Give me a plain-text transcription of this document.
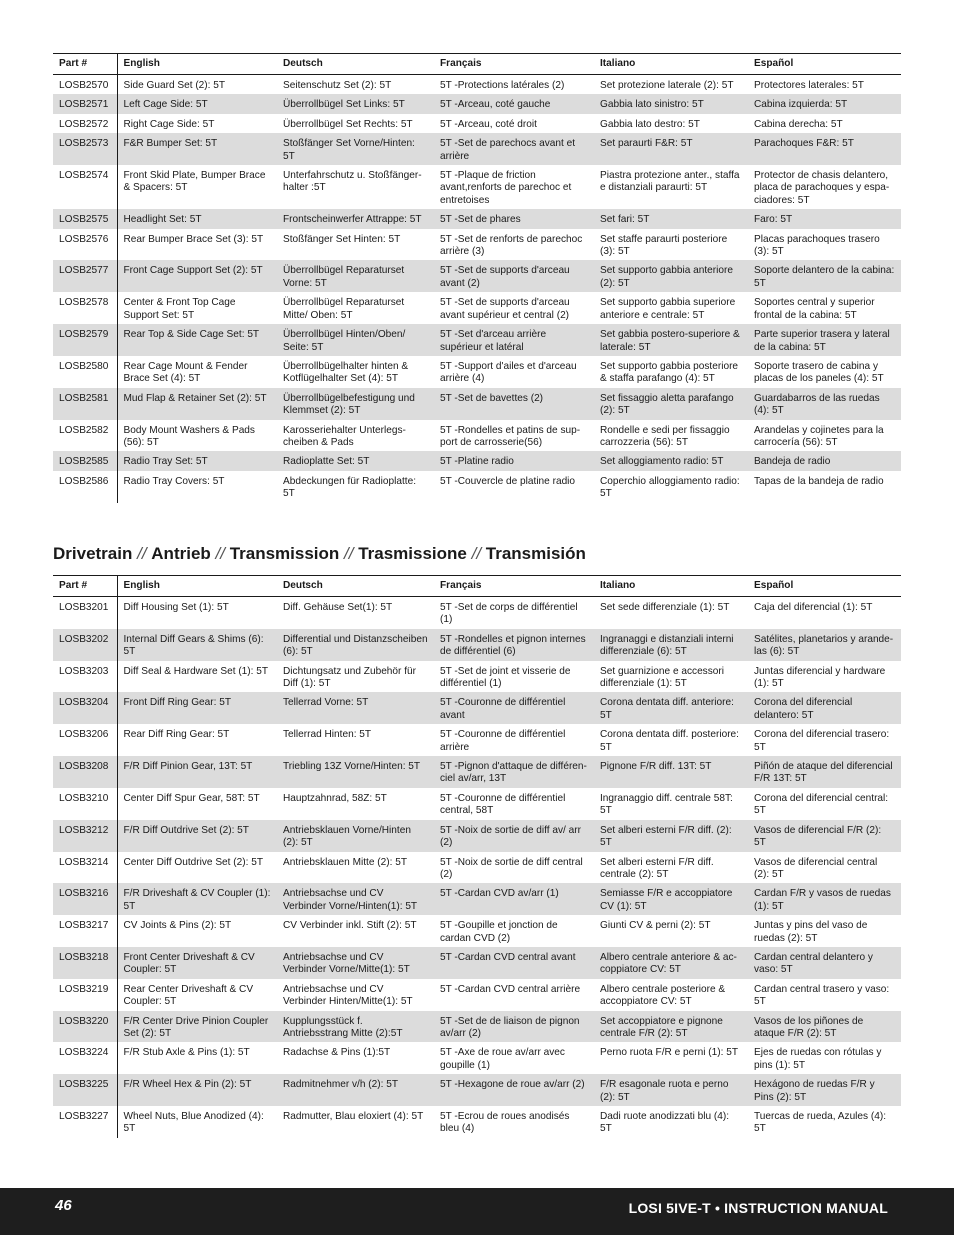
Part #	English	Deutsch	Français	Italiano	Español
LOSB2570	Side Guard Set (2): 5T	Seitenschutz Set (2): 5T	5T -Protections latérales (2)	Set protezione laterale (2): 5T	Protectores laterales: 5T
LOSB2571	Left Cage Side: 5T	Überrollbügel Set Links: 5T	5T -Arceau, coté gauche	Gabbia lato sinistro: 5T	Cabina izquierda: 5T
LOSB2572	Right Cage Side: 5T	Überrollbügel Set Rechts: 5T	5T -Arceau, coté droit	Gabbia lato destro: 5T	Cabina derecha: 5T
LOSB2573	F&R Bumper Set: 5T	Stoßfänger Set Vorne/Hinten: 5T	5T -Set de parechocs avant et arrière	Set paraurti F&R: 5T	Parachoques F&R: 5T
LOSB2574	Front Skid Plate, Bumper Brace & Spacers: 5T	Unterfahrschutz u. Stoßfänger-halter :5T	5T -Plaque de friction avant,renforts de parechoc et entretoises	Piastra protezione anter., staffa e distanziali paraurti: 5T	Protector de chasis delantero, placa de parachoques y espa-ciadores: 5T
LOSB2575	Headlight Set: 5T	Frontscheinwerfer Attrappe: 5T	5T -Set de phares	Set fari: 5T	Faro: 5T
LOSB2576	Rear Bumper Brace Set (3): 5T	Stoßfänger Set Hinten: 5T	5T -Set de renforts de parechoc arrière (3)	Set staffe paraurti posteriore (3): 5T	Placas parachoques trasero (3): 5T
LOSB2577	Front Cage Support Set (2): 5T	Überrollbügel Reparaturset Vorne: 5T	5T -Set de supports d'arceau avant (2)	Set supporto gabbia anteriore (2): 5T	Soporte delantero de la cabina: 5T
LOSB2578	Center & Front Top Cage Support Set: 5T	Überrollbügel Reparaturset Mitte/ Oben: 5T	5T -Set de supports d'arceau avant supérieur et central (2)	Set supporto gabbia superiore anteriore e centrale: 5T	Soportes central y superior frontal de la cabina: 5T
LOSB2579	Rear Top & Side Cage Set: 5T	Überrollbügel Hinten/Oben/ Seite: 5T	5T -Set d'arceau arrière supérieur et latéral	Set gabbia postero-superiore & laterale: 5T	Parte superior trasera y lateral de la cabina: 5T
LOSB2580	Rear Cage Mount & Fender Brace Set (4): 5T	Überrollbügelhalter hinten & Kotflügelhalter Set (4): 5T	5T -Support d'ailes et d'arceau arrière (4)	Set supporto gabbia posteriore & staffa parafango (4): 5T	Soporte trasero de cabina y placas de los paneles (4): 5T
LOSB2581	Mud Flap & Retainer Set (2): 5T	Überrollbügelbefestigung und Klemmset (2): 5T	5T -Set de bavettes (2)	Set fissaggio aletta parafango (2): 5T	Guardabarros de las ruedas (4): 5T
LOSB2582	Body Mount Washers & Pads (56): 5T	Karosseriehalter Unterlegs-cheiben & Pads	5T -Rondelles et patins de sup-port de carrosserie(56)	Rondelle e sedi per fissaggio carrozzeria (56): 5T	Arandelas y cojinetes para la carrocería (56): 5T
LOSB2585	Radio Tray Set: 5T	Radioplatte Set: 5T	5T -Platine radio	Set alloggiamento radio: 5T	Bandeja de radio
LOSB2586	Radio Tray Covers: 5T	Abdeckungen für Radioplatte: 5T	5T -Couvercle de platine radio	Coperchio alloggiamento radio: 5T	Tapas de la bandeja de radio
Drivetrain // Antrieb // Transmission // Trasmissione // Transmisión
Part #	English	Deutsch	Français	Italiano	Español
LOSB3201	Diff Housing Set (1): 5T	Diff. Gehäuse Set(1): 5T	5T -Set de corps de différentiel (1)	Set sede differenziale (1): 5T	Caja del diferencial (1): 5T
LOSB3202	Internal Diff Gears & Shims (6): 5T	Differential und Distanzscheiben (6): 5T	5T -Rondelles et pignon internes de différentiel (6)	Ingranaggi e distanziali interni differenziale (6): 5T	Satélites, planetarios y arande-las (6): 5T
LOSB3203	Diff Seal & Hardware Set (1): 5T	Dichtungsatz und Zubehör für Diff (1): 5T	5T -Set de joint et visserie de différentiel (1)	Set guarnizione e accessori differenziale (1): 5T	Juntas diferencial y hardware (1): 5T
LOSB3204	Front Diff Ring Gear: 5T	Tellerrad Vorne: 5T	5T -Couronne de différentiel avant	Corona dentata diff. anteriore: 5T	Corona del diferencial delantero: 5T
LOSB3206	Rear Diff Ring Gear: 5T	Tellerrad Hinten: 5T	5T -Couronne de différentiel arrière	Corona dentata diff. posteriore: 5T	Corona del diferencial trasero: 5T
LOSB3208	F/R Diff Pinion Gear, 13T: 5T	Triebling 13Z Vorne/Hinten: 5T	5T -Pignon d'attaque de différen-ciel av/arr, 13T	Pignone F/R diff. 13T: 5T	Piñón de ataque del diferencial F/R 13T: 5T
LOSB3210	Center Diff Spur Gear, 58T: 5T	Hauptzahnrad, 58Z: 5T	5T -Couronne de différentiel central, 58T	Ingranaggio diff. centrale 58T: 5T	Corona del diferencial central: 5T
LOSB3212	F/R Diff Outdrive Set (2): 5T	Antriebsklauen Vorne/Hinten (2): 5T	5T -Noix de sortie de diff av/ arr (2)	Set alberi esterni F/R diff. (2): 5T	Vasos de diferencial F/R (2): 5T
LOSB3214	Center Diff Outdrive Set (2): 5T	Antriebsklauen Mitte (2): 5T	5T -Noix de sortie de diff central (2)	Set alberi esterni F/R diff. centrale (2): 5T	Vasos de diferencial central (2): 5T
LOSB3216	F/R Driveshaft & CV Coupler (1): 5T	Antriebsachse und CV Verbinder Vorne/Hinten(1): 5T	5T -Cardan CVD av/arr (1)	Semiasse F/R e accoppiatore CV (1): 5T	Cardan F/R y vasos de ruedas (1): 5T
LOSB3217	CV Joints & Pins (2): 5T	CV Verbinder inkl. Stift (2): 5T	5T -Goupille et jonction de cardan CVD (2)	Giunti CV & perni (2): 5T	Juntas y pins del vaso de ruedas (2): 5T
LOSB3218	Front Center Driveshaft & CV Coupler: 5T	Antriebsachse und CV Verbinder Vorne/Mitte(1): 5T	5T -Cardan CVD central avant	Albero centrale anteriore & ac-coppiatore CV: 5T	Cardan central delantero y vaso: 5T
LOSB3219	Rear Center Driveshaft & CV Coupler: 5T	Antriebsachse und CV Verbinder Hinten/Mitte(1): 5T	5T -Cardan CVD central arrière	Albero centrale posteriore & accoppiatore CV: 5T	Cardan central trasero y vaso: 5T
LOSB3220	F/R Center Drive Pinion Coupler Set (2): 5T	Kupplungsstück f. Antriebsstrang Mitte (2):5T	5T -Set de de liaison de pignon av/arr (2)	Set accoppiatore e pignone centrale F/R (2): 5T	Vasos de los piñones de ataque F/R (2): 5T
LOSB3224	F/R Stub Axle & Pins (1): 5T	Radachse & Pins (1):5T	5T -Axe de roue av/arr avec goupille (1)	Perno ruota F/R e perni (1): 5T	Ejes de ruedas con rótulas y pins (1): 5T
LOSB3225	F/R Wheel Hex & Pin (2): 5T	Radmitnehmer v/h (2): 5T	5T -Hexagone de roue av/arr (2)	F/R esagonale ruota e perno (2): 5T	Hexágono de ruedas F/R y Pins (2): 5T
LOSB3227	Wheel Nuts, Blue Anodized (4): 5T	Radmutter, Blau eloxiert (4): 5T	5T -Ecrou de roues anodisés bleu (4)	Dadi ruote anodizzati blu (4): 5T	Tuercas de rueda, Azules (4): 5T
46	LOSI 5IVE-T • INSTRUCTION MANUAL
